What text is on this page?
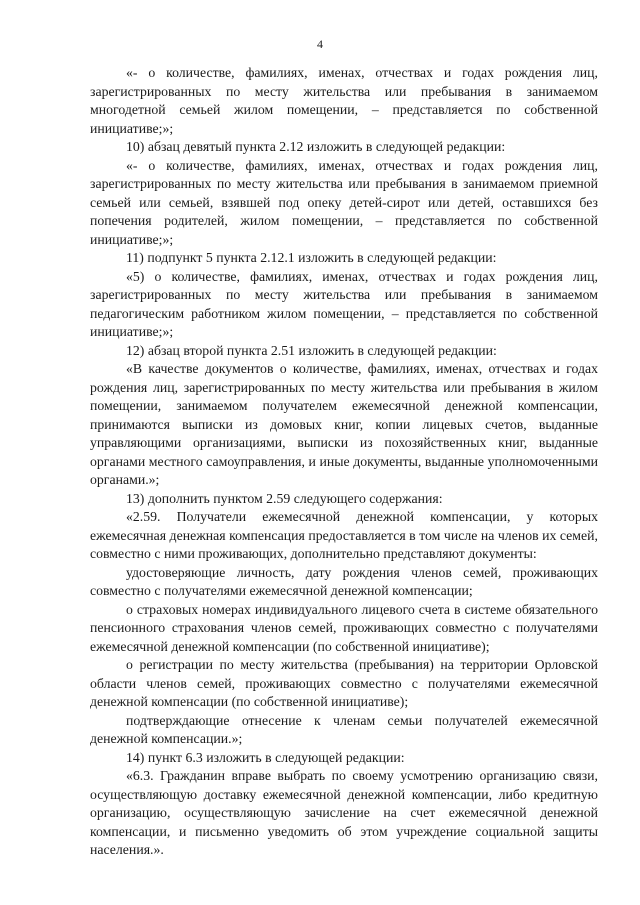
4

«- о количестве, фамилиях, именах, отчествах и годах рождения лиц, зарегистрированных по месту жительства или пребывания в занимаемом многодетной семьей жилом помещении, – представляется по собственной инициативе;»;

10) абзац девятый пункта 2.12 изложить в следующей редакции:

«- о количестве, фамилиях, именах, отчествах и годах рождения лиц, зарегистрированных по месту жительства или пребывания в занимаемом приемной семьей или семьей, взявшей под опеку детей-сирот или детей, оставшихся без попечения родителей, жилом помещении, – представляется по собственной инициативе;»;

11) подпункт 5 пункта 2.12.1 изложить в следующей редакции:

«5) о количестве, фамилиях, именах, отчествах и годах рождения лиц, зарегистрированных по месту жительства или пребывания в занимаемом педагогическим работником жилом помещении, – представляется по собственной инициативе;»;

12) абзац второй пункта 2.51 изложить в следующей редакции:

«В качестве документов о количестве, фамилиях, именах, отчествах и годах рождения лиц, зарегистрированных по месту жительства или пребывания в жилом помещении, занимаемом получателем ежемесячной денежной компенсации, принимаются выписки из домовых книг, копии лицевых счетов, выданные управляющими организациями, выписки из похозяйственных книг, выданные органами местного самоуправления, и иные документы, выданные уполномоченными органами.»;

13) дополнить пунктом 2.59 следующего содержания:

«2.59. Получатели ежемесячной денежной компенсации, у которых ежемесячная денежная компенсация предоставляется в том числе на членов их семей, совместно с ними проживающих, дополнительно представляют документы:

удостоверяющие личность, дату рождения членов семей, проживающих совместно с получателями ежемесячной денежной компенсации;

о страховых номерах индивидуального лицевого счета в системе обязательного пенсионного страхования членов семей, проживающих совместно с получателями ежемесячной денежной компенсации (по собственной инициативе);

о регистрации по месту жительства (пребывания) на территории Орловской области членов семей, проживающих совместно с получателями ежемесячной денежной компенсации (по собственной инициативе);

подтверждающие отнесение к членам семьи получателей ежемесячной денежной компенсации.»;

14) пункт 6.3 изложить в следующей редакции:

«6.3. Гражданин вправе выбрать по своему усмотрению организацию связи, осуществляющую доставку ежемесячной денежной компенсации, либо кредитную организацию, осуществляющую зачисление на счет ежемесячной денежной компенсации, и письменно уведомить об этом учреждение социальной защиты населения.».
